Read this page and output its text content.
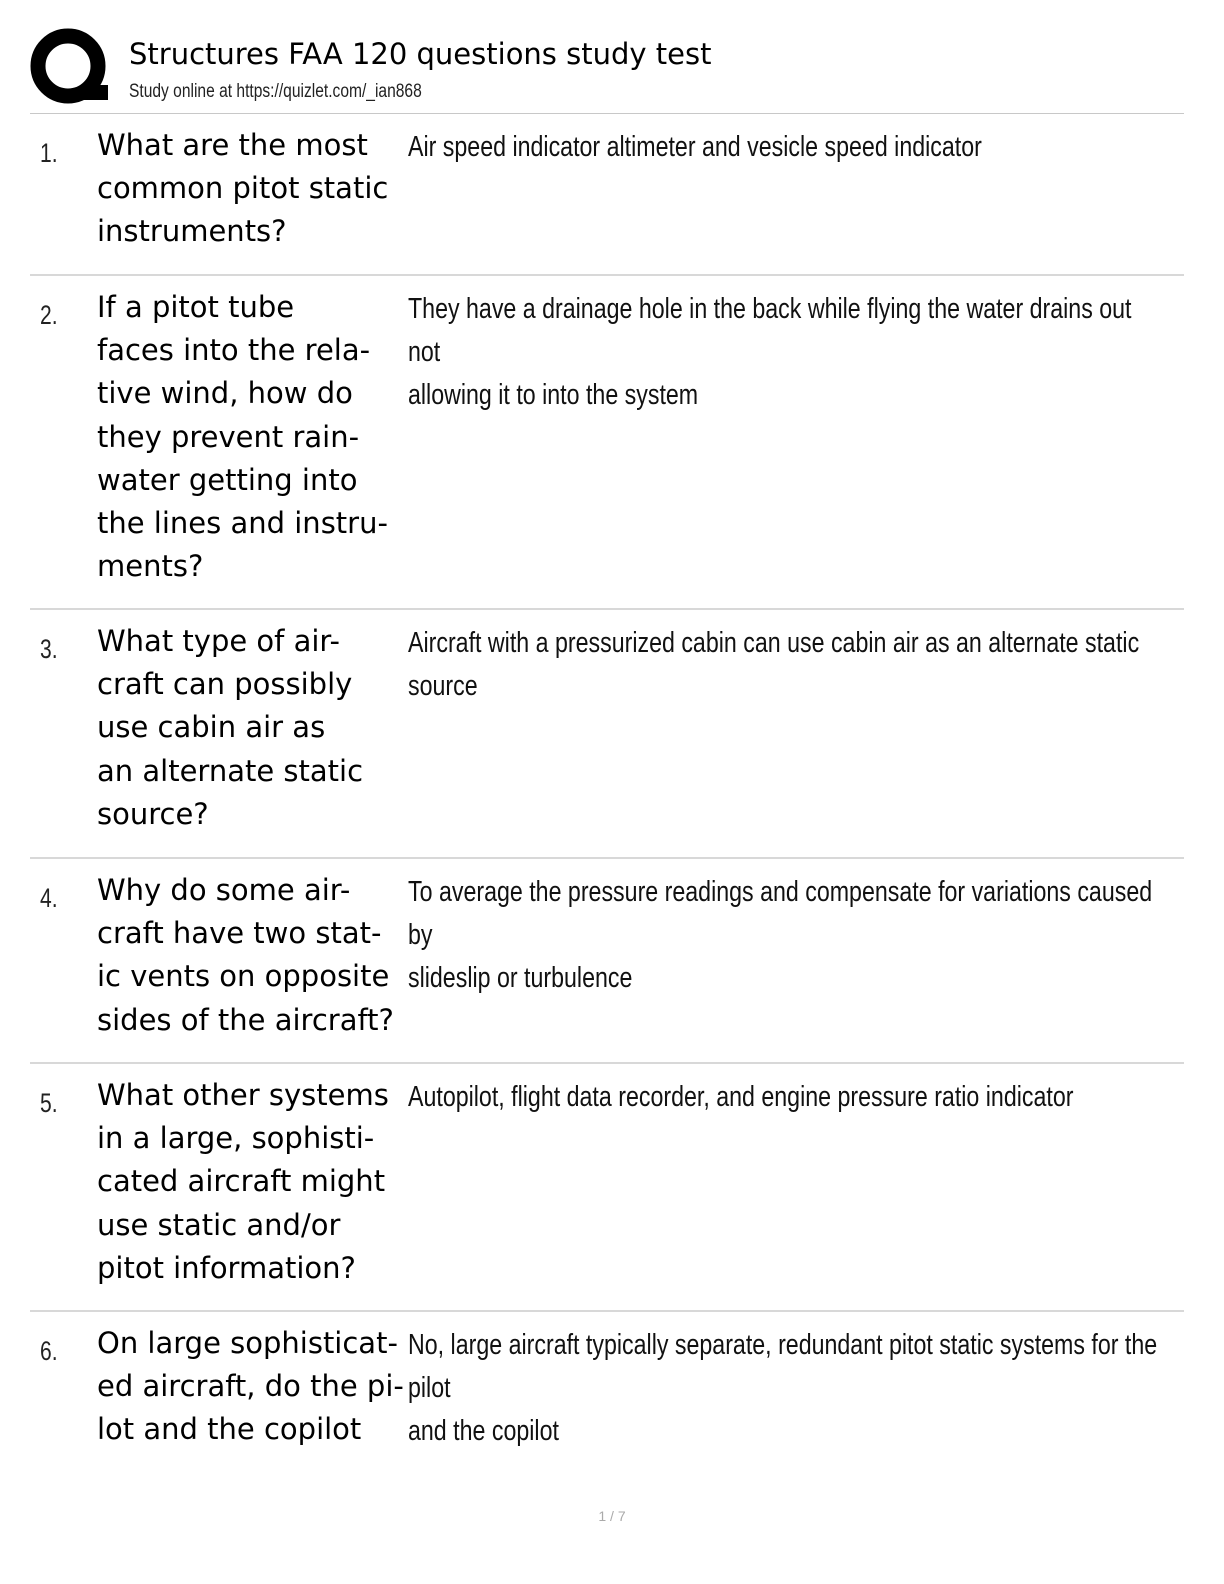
Structures FAA 120 questions study test
Study online at https://quizlet.com/_ian868
1. What are the most
common pitot static
instruments?
Air speed indicator altimeter and vesicle speed indicator
2. If a pitot tube
faces into the rela-
tive wind, how do
they prevent rain-
water getting into
the lines and instru-
ments?
They have a drainage hole in the back while flying the water drains out not
allowing it to into the system
3. What type of air-
craft can possibly
use cabin air as
an alternate static
source?
Aircraft with a pressurized cabin can use cabin air as an alternate static source
4. Why do some air-
craft have two stat-
ic vents on opposite
sides of the aircraft?
To average the pressure readings and compensate for variations caused by
slideslip or turbulence
5. What other systems
in a large, sophisti-
cated aircraft might
use static and/or
pitot information?
Autopilot, flight data recorder, and engine pressure ratio indicator
6. On large sophisticat-
ed aircraft, do the pi-
lot and the copilot
No, large aircraft typically separate, redundant pitot static systems for the pilot
and the copilot
1 / 7
